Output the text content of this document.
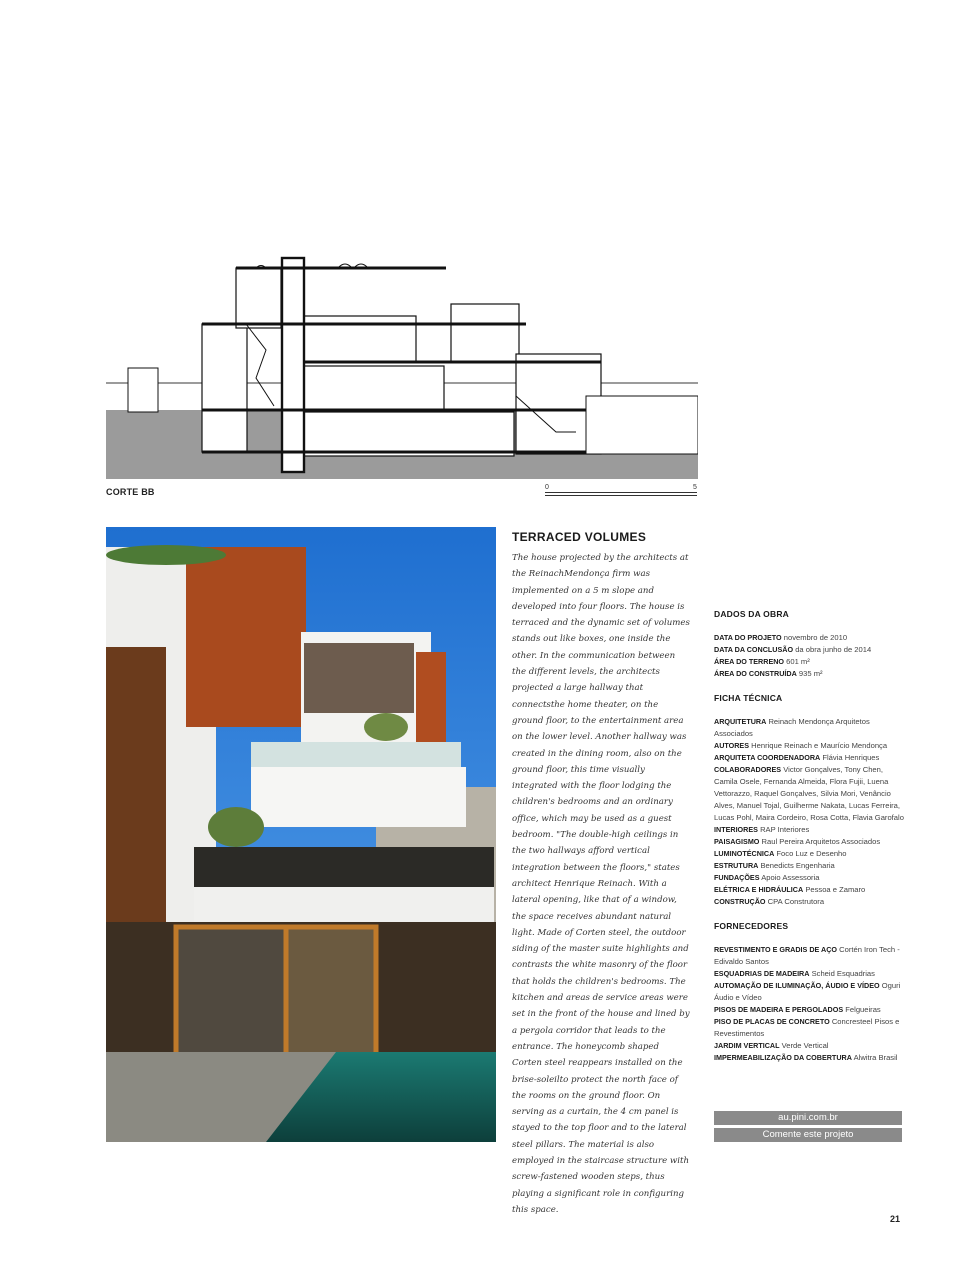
CORTE BB	0	5
TERRACED VOLUMES

The house projected by the architects at the ReinachMendonça firm was implemented on a 5 m slope and developed into four floors. The house is terraced and the dynamic set of volumes stands out like boxes, one inside the other. In the communication between the different levels, the architects projected a large hallway that connectsthe home theater, on the ground floor, to the entertainment area on the lower level. Another hallway was created in the dining room, also on the ground floor, this time visually integrated with the floor lodging the children's bedrooms and an ordinary office, which may be used as a guest bedroom. "The double-high ceilings in the two hallways afford vertical integration between the floors," states architect Henrique Reinach. With a lateral opening, like that of a window, the space receives abundant natural light. Made of Corten steel, the outdoor siding of the master suite highlights and contrasts the white masonry of the floor that holds the children's bedrooms. The kitchen and areas de service areas were set in the front of the house and lined by a pergola corridor that leads to the entrance. The honeycomb shaped Corten steel reappears installed on the brise-soleilto protect the north face of the rooms on the ground floor. On serving as a curtain, the 4 cm panel is stayed to the top floor and to the lateral steel pillars. The material is also employed in the staircase structure with screw-fastened wooden steps, thus playing a significant role in configuring this space.

DADOS DA OBRA

DATA DO PROJETO novembro de 2010
DATA DA CONCLUSÃO da obra junho de 2014
ÁREA DO TERRENO 601 m²
ÁREA DO CONSTRUÍDA 935 m²

FICHA TÉCNICA

ARQUITETURA Reinach Mendonça Arquitetos Associados
AUTORES Henrique Reinach e Maurício Mendonça
ARQUITETA COORDENADORA Flávia Henriques
COLABORADORES Victor Gonçalves, Tony Chen, Camila Osele, Fernanda Almeida, Flora Fujii, Luena Vettorazzo, Raquel Gonçalves, Silvia Mori, Venâncio Alves, Manuel Tojal, Guilherme Nakata, Lucas Ferreira, Lucas Pohl, Maira Cordeiro, Rosa Cotta, Flavia Garofalo
INTERIORES RAP Interiores
PAISAGISMO Raul Pereira Arquitetos Associados
LUMINOTÉCNICA Foco Luz e Desenho
ESTRUTURA Benedicts Engenharia
FUNDAÇÕES Apoio Assessoria
ELÉTRICA E HIDRÁULICA Pessoa e Zamaro
CONSTRUÇÃO CPA Construtora

FORNECEDORES

REVESTIMENTO E GRADIS DE AÇO Cortén Iron Tech - Edivaldo Santos
ESQUADRIAS DE MADEIRA Scheid Esquadrias
AUTOMAÇÃO DE ILUMINAÇÃO, ÁUDIO E VÍDEO Oguri Áudio e Vídeo
PISOS DE MADEIRA E PERGOLADOS Felgueiras
PISO DE PLACAS DE CONCRETO Concresteel Pisos e Revestimentos
JARDIM VERTICAL Verde Vertical
IMPERMEABILIZAÇÃO DA COBERTURA Alwitra Brasil
au.pini.com.br
Comente este projeto
21
